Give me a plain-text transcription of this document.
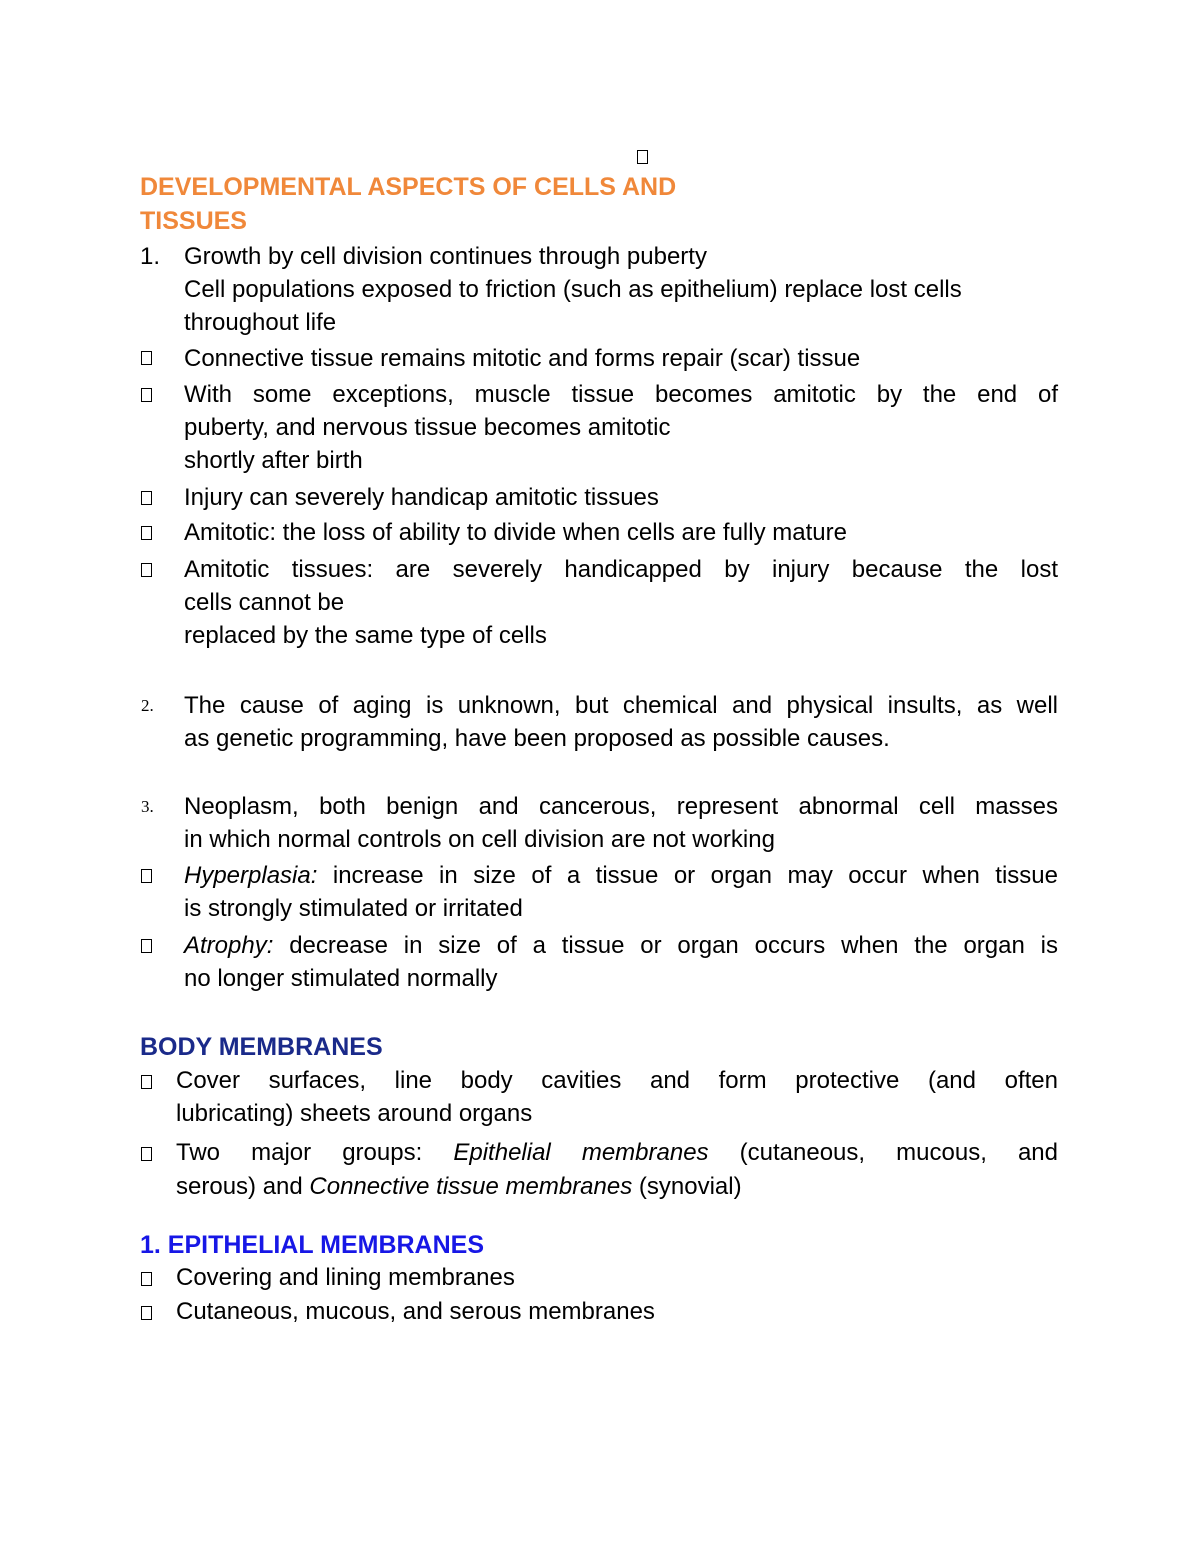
DEVELOPMENTAL ASPECTS OF CELLS AND
TISSUES
1. Growth by cell division continues through puberty
Cell populations exposed to friction (such as epithelium) replace lost cells
throughout life
Connective tissue remains mitotic and forms repair (scar) tissue
With some exceptions, muscle tissue becomes amitotic by the end of
puberty, and nervous tissue becomes amitotic
shortly after birth
Injury can severely handicap amitotic tissues
Amitotic: the loss of ability to divide when cells are fully mature
Amitotic tissues: are severely handicapped by injury because the lost
cells cannot be
replaced by the same type of cells
2. The cause of aging is unknown, but chemical and physical insults, as well
as genetic programming, have been proposed as possible causes.
3. Neoplasm, both benign and cancerous, represent abnormal cell masses
in which normal controls on cell division are not working
Hyperplasia: increase in size of a tissue or organ may occur when tissue
is strongly stimulated or irritated
Atrophy: decrease in size of a tissue or organ occurs when the organ is
no longer stimulated normally
BODY MEMBRANES
Cover surfaces, line body cavities and form protective (and often
lubricating) sheets around organs
Two major groups: Epithelial membranes (cutaneous, mucous, and
serous) and Connective tissue membranes (synovial)
1. EPITHELIAL MEMBRANES
Covering and lining membranes
Cutaneous, mucous, and serous membranes
